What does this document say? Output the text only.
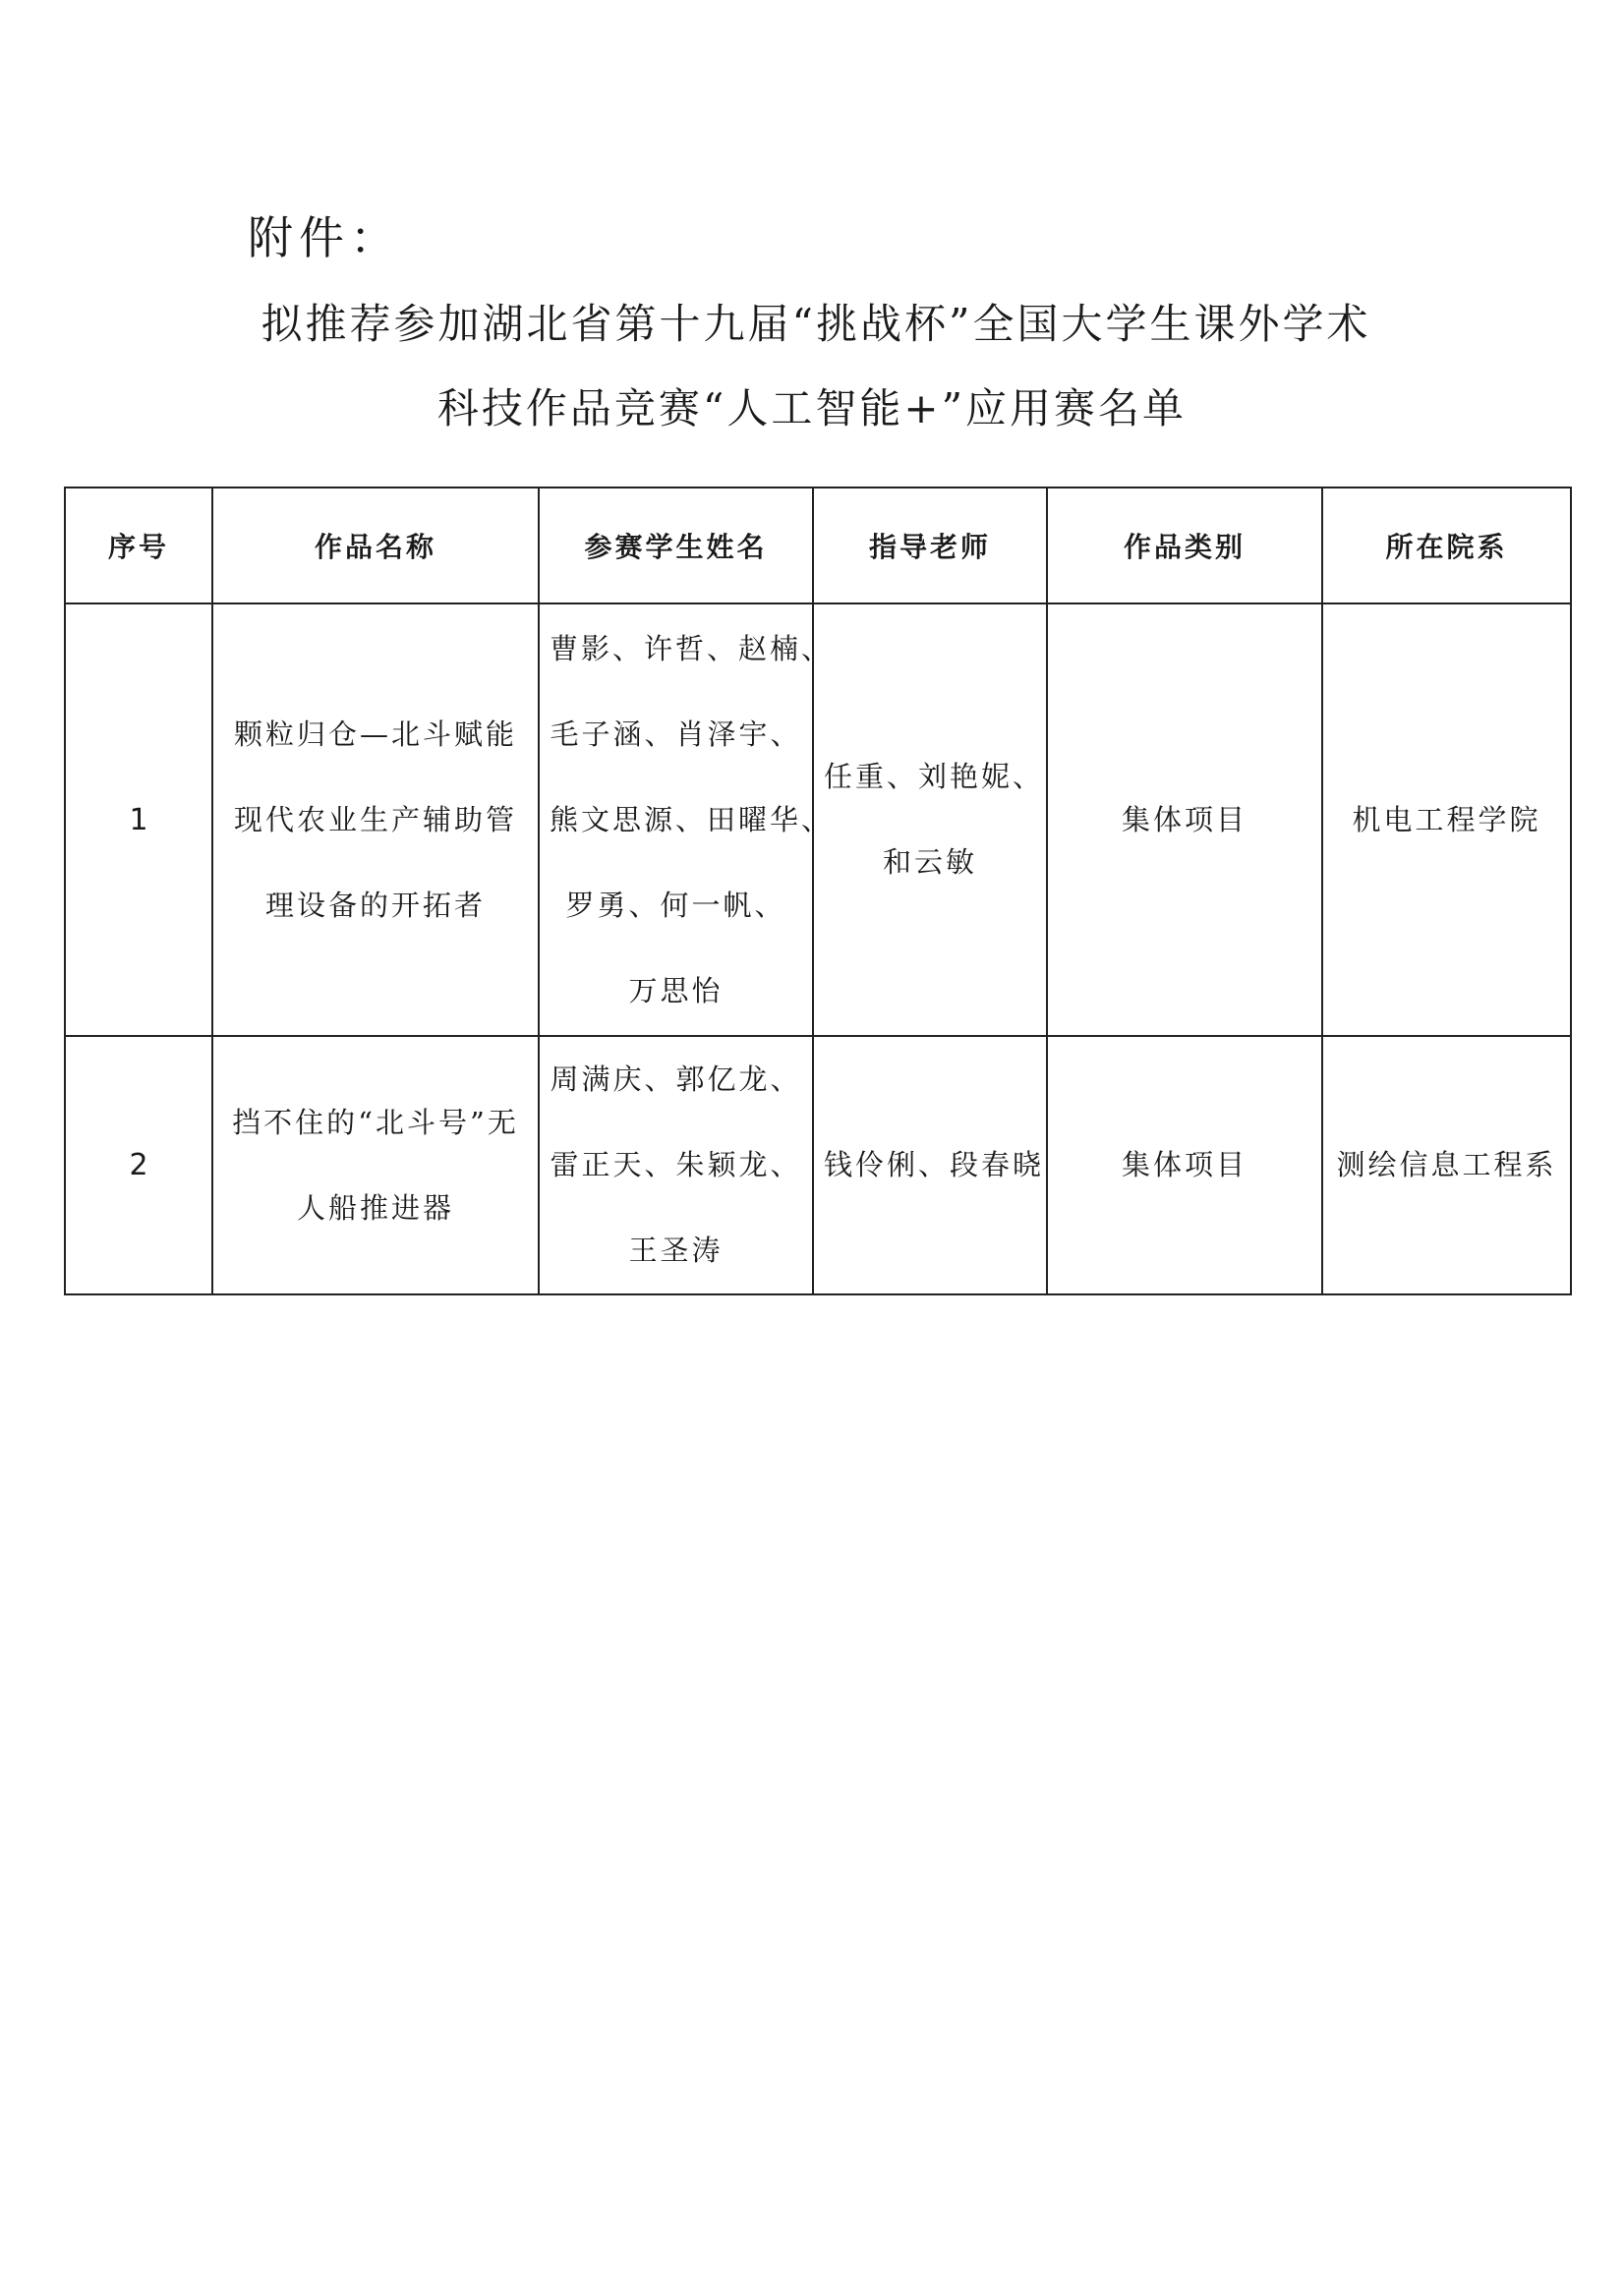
附件：
拟推荐参加湖北省第十九届“挑战杯”全国大学生课外学术
科技作品竞赛“人工智能+”应用赛名单
序号	作品名称	参赛学生姓名	指导老师	作品类别	所在院系
1	颗粒归仓—北斗赋能
现代农业生产辅助管
理设备的开拓者	曹影、许哲、赵楠、
毛子涵、肖泽宇、
熊文思源、田曜华、
罗勇、何一帆、
万思怡	任重、刘艳妮、
和云敏	集体项目	机电工程学院
2	挡不住的“北斗号”无
人船推进器	周满庆、郭亿龙、
雷正天、朱颖龙、
王圣涛	钱伶俐、段春晓	集体项目	测绘信息工程系
